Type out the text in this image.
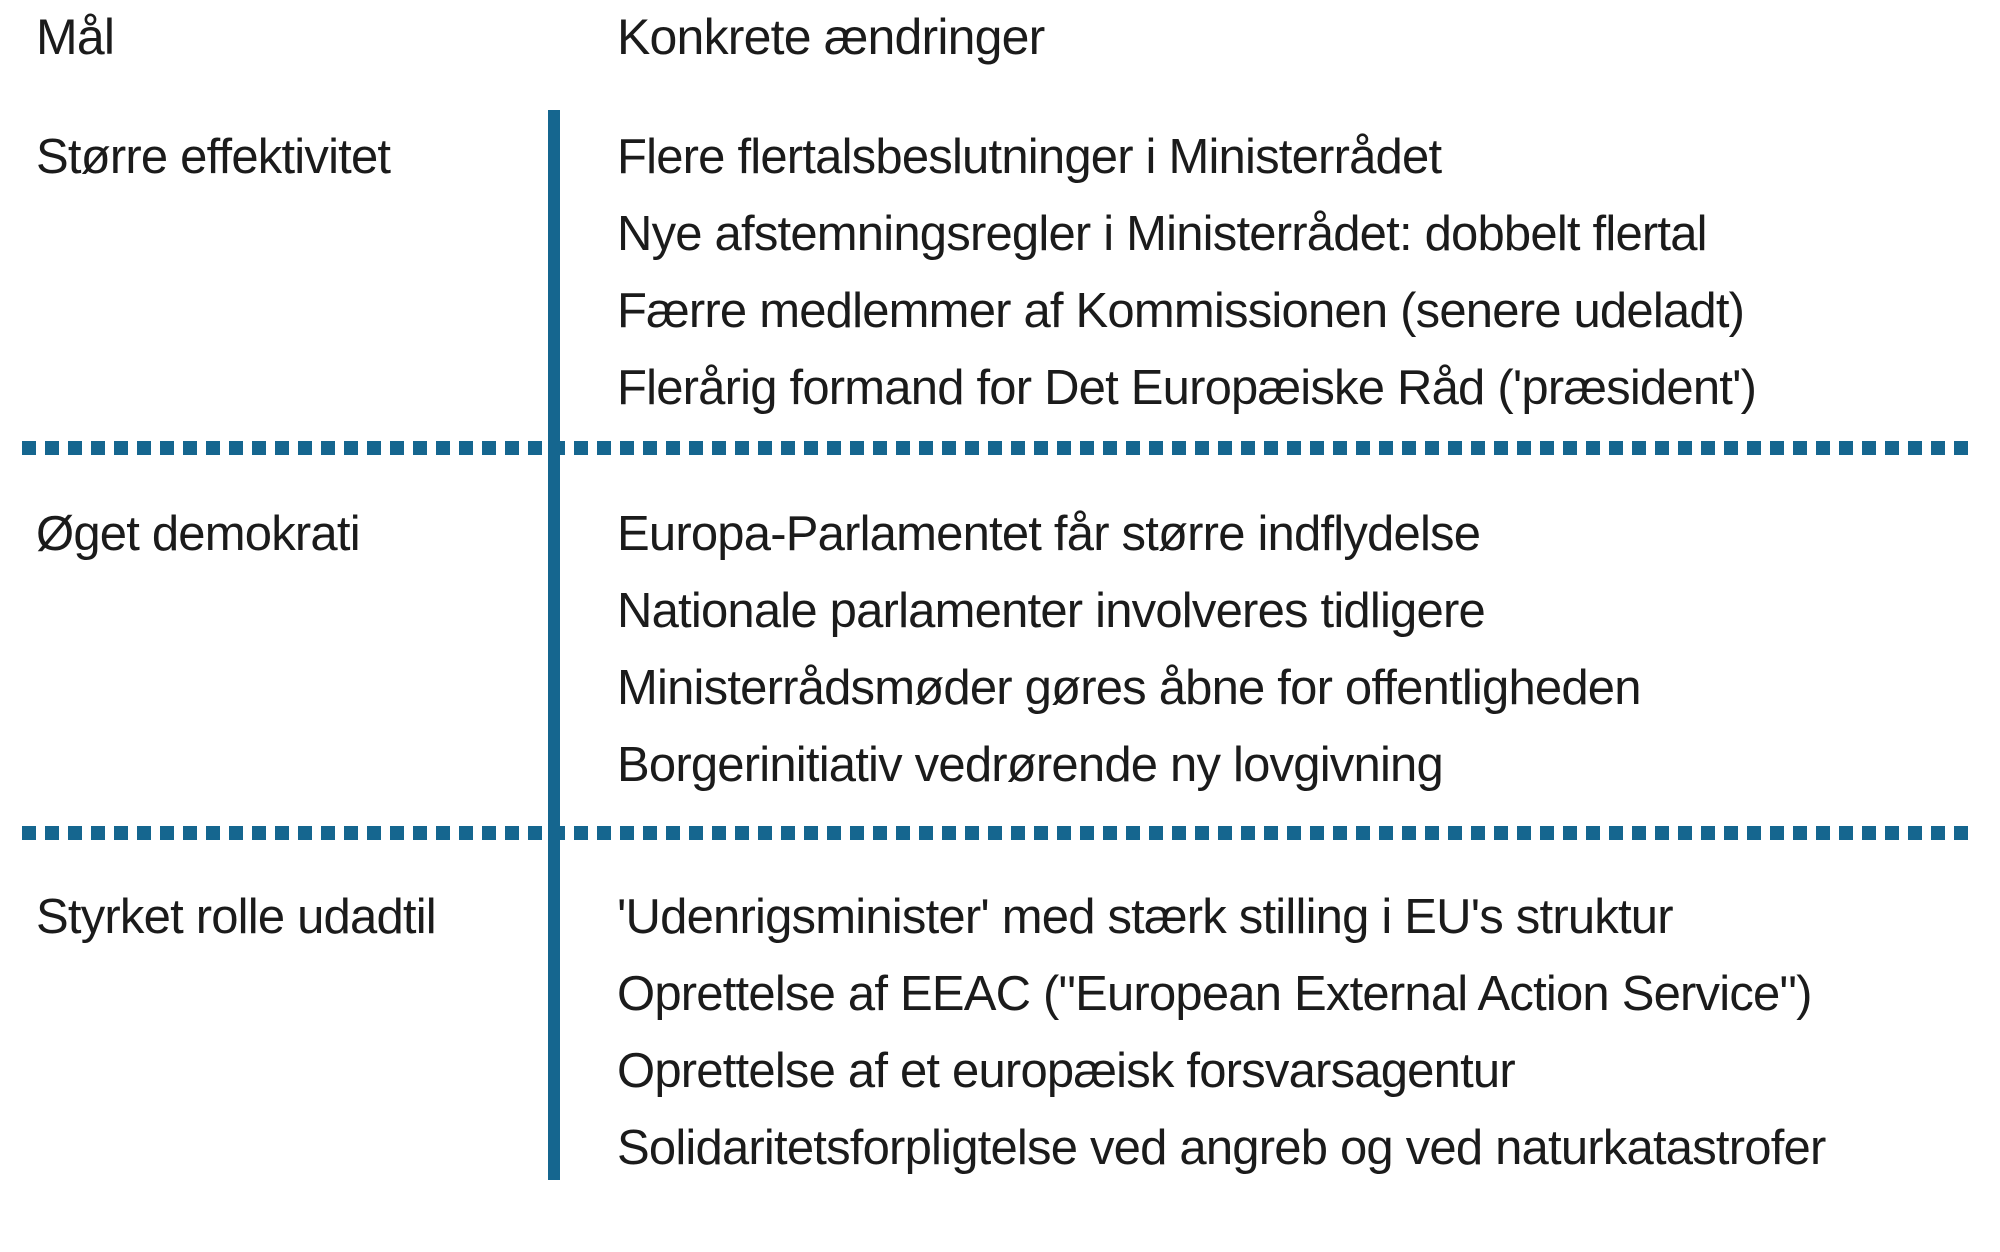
Mål	Konkrete ændringer
Større effektivitet	Flere flertalsbeslutninger i Ministerrådet
Nye afstemningsregler i Ministerrådet: dobbelt flertal
Færre medlemmer af Kommissionen (senere udeladt)
Flerårig formand for Det Europæiske Råd ('præsident')
Øget demokrati	Europa-Parlamentet får større indflydelse
Nationale parlamenter involveres tidligere
Ministerrådsmøder gøres åbne for offentligheden
Borgerinitiativ vedrørende ny lovgivning
Styrket rolle udadtil	'Udenrigsminister' med stærk stilling i EU's struktur
Oprettelse af EEAC ("European External Action Service")
Oprettelse af et europæisk forsvarsagentur
Solidaritetsforpligtelse ved angreb og ved naturkatastrofer
